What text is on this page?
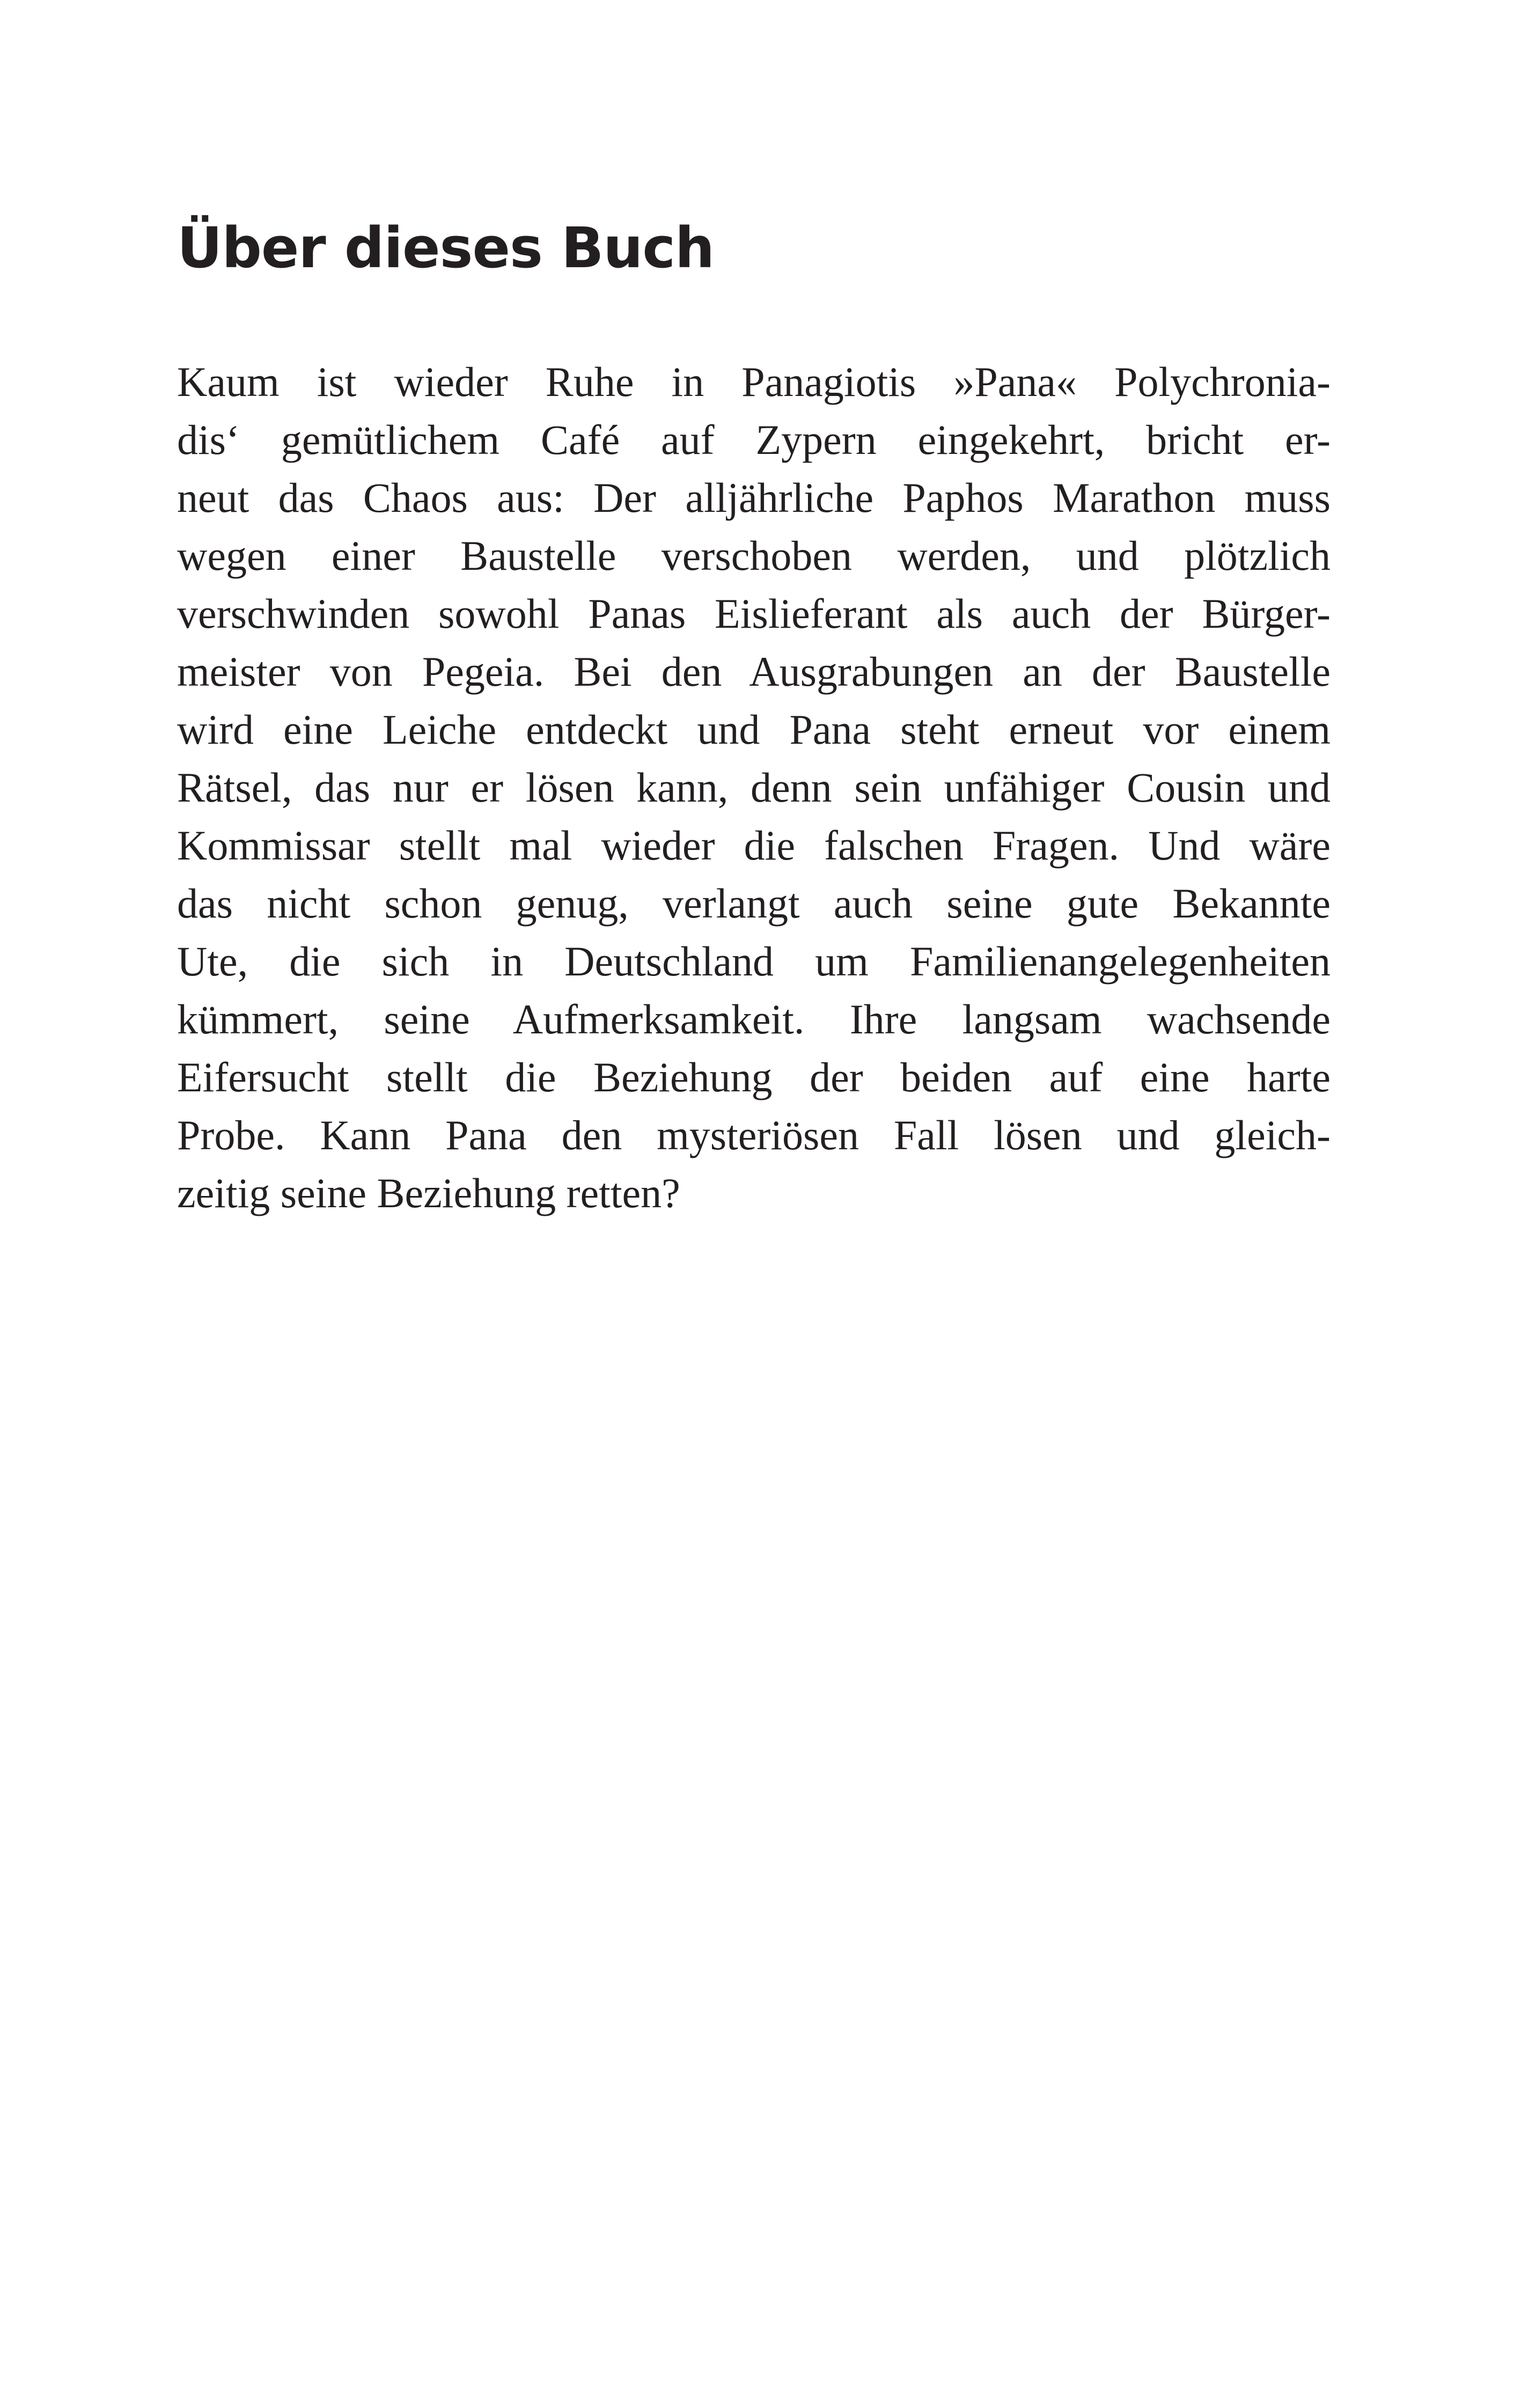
Über dieses Buch
Kaum ist wieder Ruhe in Panagiotis »Pana« Polychronia-
dis‘ gemütlichem Café auf Zypern eingekehrt, bricht er-
neut das Chaos aus: Der alljährliche Paphos Marathon muss
wegen einer Baustelle verschoben werden, und plötzlich
verschwinden sowohl Panas Eislieferant als auch der Bürger-
meister von Pegeia. Bei den Ausgrabungen an der Baustelle
wird eine Leiche entdeckt und Pana steht erneut vor einem
Rätsel, das nur er lösen kann, denn sein unfähiger Cousin und
Kommissar stellt mal wieder die falschen Fragen. Und wäre
das nicht schon genug, verlangt auch seine gute Bekannte
Ute, die sich in Deutschland um Familienangelegenheiten
kümmert, seine Aufmerksamkeit. Ihre langsam wachsende
Eifersucht stellt die Beziehung der beiden auf eine harte
Probe. Kann Pana den mysteriösen Fall lösen und gleich-
zeitig seine Beziehung retten?
